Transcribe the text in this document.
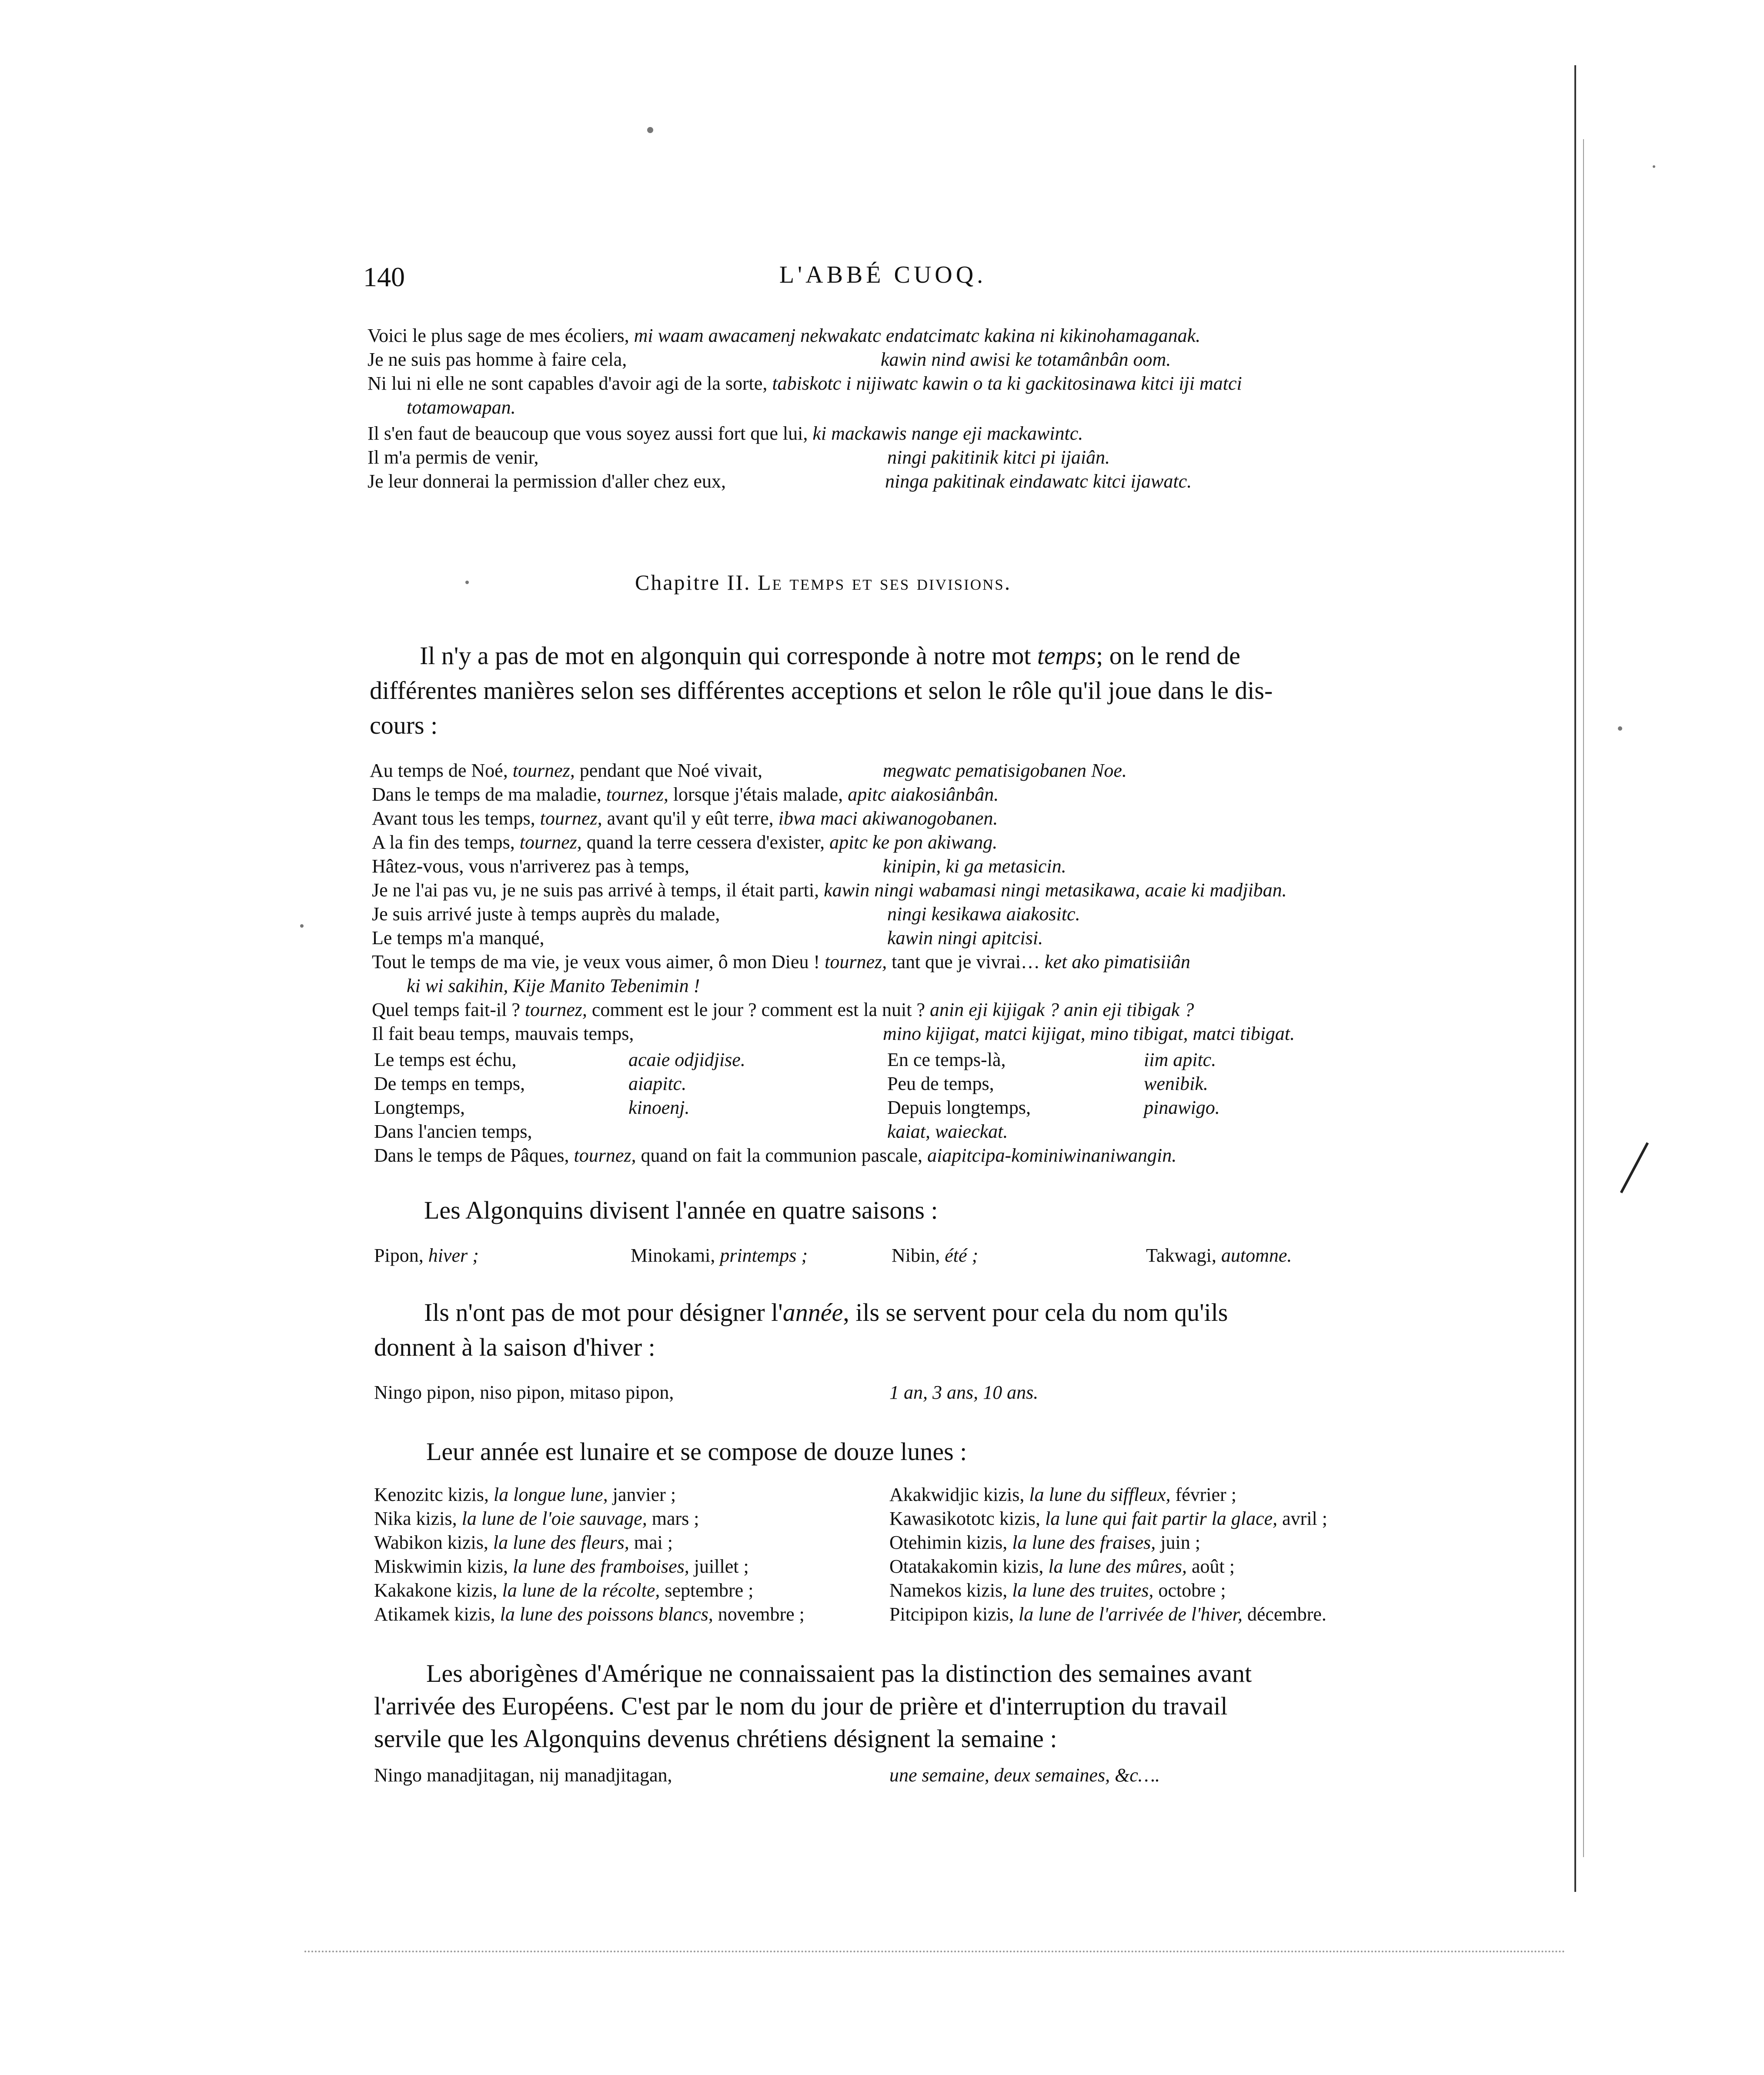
140	L'ABBÉ CUOQ.
Voici le plus sage de mes écoliers, mi waam awacamenj nekwakatc endatcimatc kakina ni kikinohamaganak.
Je ne suis pas homme à faire cela,	kawin nind awisi ke totamânbân oom.
Ni lui ni elle ne sont capables d'avoir agi de la sorte, tabiskotc i nijiwatc kawin o ta ki gackitosinawa kitci iji matci
totamowapan.
Il s'en faut de beaucoup que vous soyez aussi fort que lui, ki mackawis nange eji mackawintc.
Il m'a permis de venir,	ningi pakitinik kitci pi ijaiân.
Je leur donnerai la permission d'aller chez eux,	ninga pakitinak eindawatc kitci ijawatc.
Chapitre II. Le temps et ses divisions.
Il n'y a pas de mot en algonquin qui corresponde à notre mot temps; on le rend de
différentes manières selon ses différentes acceptions et selon le rôle qu'il joue dans le dis-
cours :
Au temps de Noé, tournez, pendant que Noé vivait,	megwatc pematisigobanen Noe.
Dans le temps de ma maladie, tournez, lorsque j'étais malade, apitc aiakosiânbân.
Avant tous les temps, tournez, avant qu'il y eût terre, ibwa maci akiwanogobanen.
A la fin des temps, tournez, quand la terre cessera d'exister, apitc ke pon akiwang.
Hâtez-vous, vous n'arriverez pas à temps,	kinipin, ki ga metasicin.
Je ne l'ai pas vu, je ne suis pas arrivé à temps, il était parti, kawin ningi wabamasi ningi metasikawa, acaie ki madjiban.
Je suis arrivé juste à temps auprès du malade,	ningi kesikawa aiakositc.
Le temps m'a manqué,	kawin ningi apitcisi.
Tout le temps de ma vie, je veux vous aimer, ô mon Dieu ! tournez, tant que je vivrai… ket ako pimatisiiân
ki wi sakihin, Kije Manito Tebenimin !
Quel temps fait-il ? tournez, comment est le jour ? comment est la nuit ? anin eji kijigak ? anin eji tibigak ?
Il fait beau temps, mauvais temps,	mino kijigat, matci kijigat, mino tibigat, matci tibigat.
Le temps est échu,	acaie odjidjise.	En ce temps-là,	iim apitc.
De temps en temps,	aiapitc.	Peu de temps,	wenibik.
Longtemps,	kinoenj.	Depuis longtemps,	pinawigo.
Dans l'ancien temps,	kaiat, waieckat.
Dans le temps de Pâques, tournez, quand on fait la communion pascale, aiapitcipa-kominiwinaniwangin.
Les Algonquins divisent l'année en quatre saisons :
Pipon, hiver ;	Minokami, printemps ;	Nibin, été ;	Takwagi, automne.
Ils n'ont pas de mot pour désigner l'année, ils se servent pour cela du nom qu'ils
donnent à la saison d'hiver :
Ningo pipon, niso pipon, mitaso pipon,	1 an, 3 ans, 10 ans.
Leur année est lunaire et se compose de douze lunes :
Kenozitc kizis, la longue lune, janvier ;	Akakwidjic kizis, la lune du siffleux, février ;
Nika kizis, la lune de l'oie sauvage, mars ;	Kawasikototc kizis, la lune qui fait partir la glace, avril ;
Wabikon kizis, la lune des fleurs, mai ;	Otehimin kizis, la lune des fraises, juin ;
Miskwimin kizis, la lune des framboises, juillet ;	Otatakakomin kizis, la lune des mûres, août ;
Kakakone kizis, la lune de la récolte, septembre ;	Namekos kizis, la lune des truites, octobre ;
Atikamek kizis, la lune des poissons blancs, novembre ;	Pitcipipon kizis, la lune de l'arrivée de l'hiver, décembre.
Les aborigènes d'Amérique ne connaissaient pas la distinction des semaines avant
l'arrivée des Européens. C'est par le nom du jour de prière et d'interruption du travail
servile que les Algonquins devenus chrétiens désignent la semaine :
Ningo manadjitagan, nij manadjitagan,	une semaine, deux semaines, &c….
